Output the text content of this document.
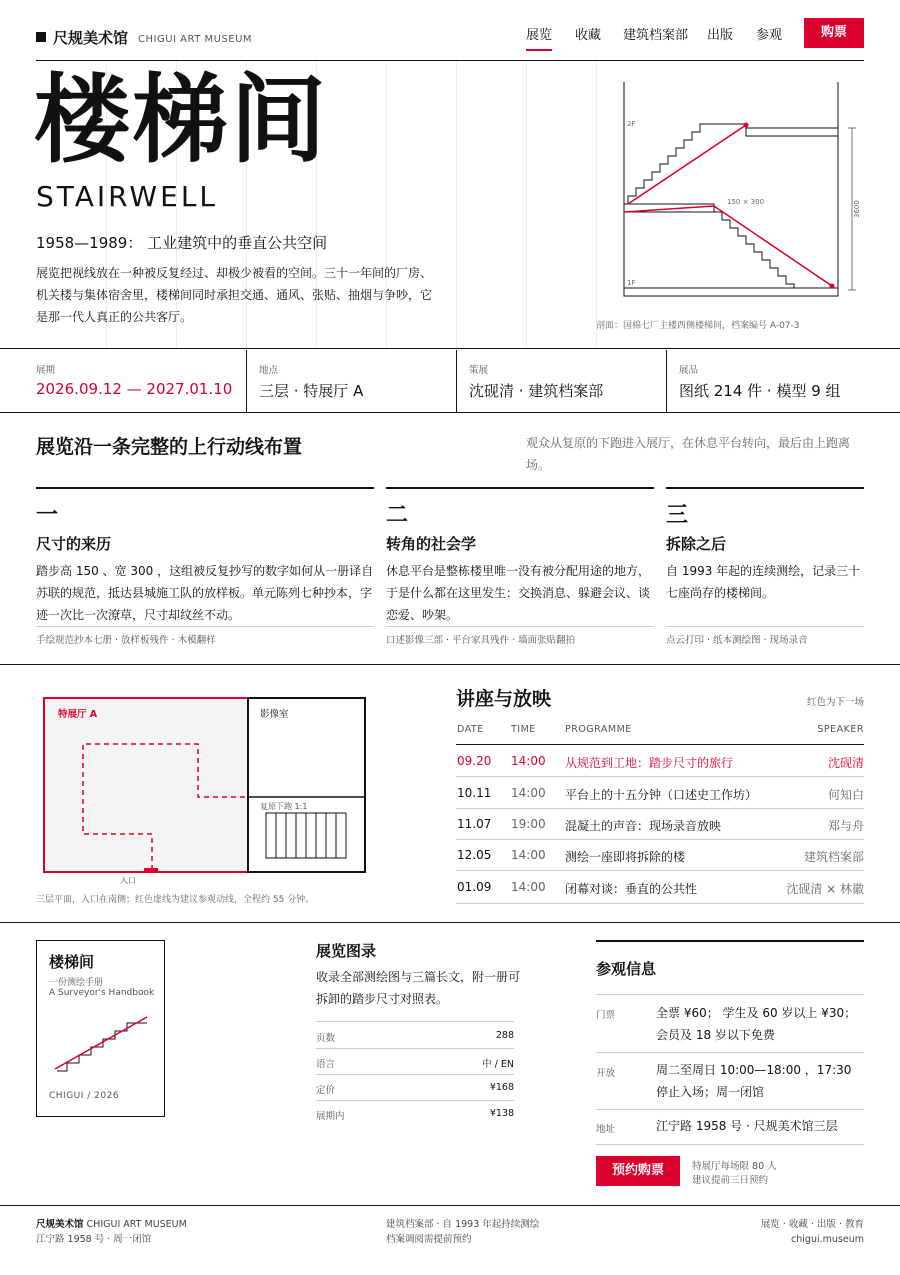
尺规美术馆 CHIGUI ART MUSEUM	展览 收藏 建筑档案部 出版 参观	购票
楼梯间
STAIRWELL
1958—1989： 工业建筑中的垂直公共空间
展览把视线放在一种被反复经过、却极少被看的空间。三十一年间的厂房、机关楼与集体宿舍里，楼梯间同时承担交通、通风、张贴、抽烟与争吵，它是那一代人真正的公共客厅。
2F
1F
150 × 300	3600
剖面：国棉七厂主楼西侧楼梯间，档案编号 A-07-3
展期
2026.09.12 — 2027.01.10
地点
三层 · 特展厅 A
策展
沈砚清 · 建筑档案部
展品
图纸 214 件 · 模型 9 组
展览沿一条完整的上行动线布置	观众从复原的下跑进入展厅，在休息平台转向，最后由上跑离场。
一
尺寸的来历
踏步高 150 、宽 300 ，这组被反复抄写的数字如何从一册译自苏联的规范，抵达县城施工队的放样板。单元陈列七种抄本，字迹一次比一次潦草，尺寸却纹丝不动。
手绘规范抄本七册 · 放样板残件 · 木模翻样
二
转角的社会学
休息平台是整栋楼里唯一没有被分配用途的地方，于是什么都在这里发生：交换消息、躲避会议、谈恋爱、吵架。
口述影像三部 · 平台家具残件 · 墙面张贴翻拍
三
拆除之后
自 1993 年起的连续测绘，记录三十七座尚存的楼梯间。
点云打印 · 纸本测绘图 · 现场录音
特展厅 A	影像室
复原下跑 1:1
入口
三层平面，入口在南侧；红色虚线为建议参观动线，全程约 55 分钟。
讲座与放映	红色为下一场
DATE	TIME	PROGRAMME	SPEAKER
09.20 14:00 从规范到工地：踏步尺寸的旅行	沈砚清
10.11 14:00 平台上的十五分钟（口述史工作坊）	何知白
11.07 19:00 混凝土的声音：现场录音放映	郑与舟
12.05 14:00 测绘一座即将拆除的楼	建筑档案部
01.09 14:00 闭幕对谈：垂直的公共性	沈砚清 × 林徽
楼梯间
一份测绘手册
A Surveyor's Handbook
CHIGUI / 2026
展览图录
收录全部测绘图与三篇长文，附一册可拆卸的踏步尺寸对照表。
页数	288
语言	中 / EN
定价	¥168
展期内	¥138
参观信息
门票	全票 ¥60； 学生及 60 岁以上 ¥30； 会员及 18 岁以下免费
开放	周二至周日 10:00—18:00 ，17:30 停止入场；周一闭馆
地址	江宁路 1958 号 · 尺规美术馆三层
预约购票	特展厅每场限 80 人
建议提前三日预约
尺规美术馆 CHIGUI ART MUSEUM
江宁路 1958 号 · 周一闭馆
建筑档案部 · 自 1993 年起持续测绘
档案调阅需提前预约
展览 · 收藏 · 出版 · 教育
chigui.museum
